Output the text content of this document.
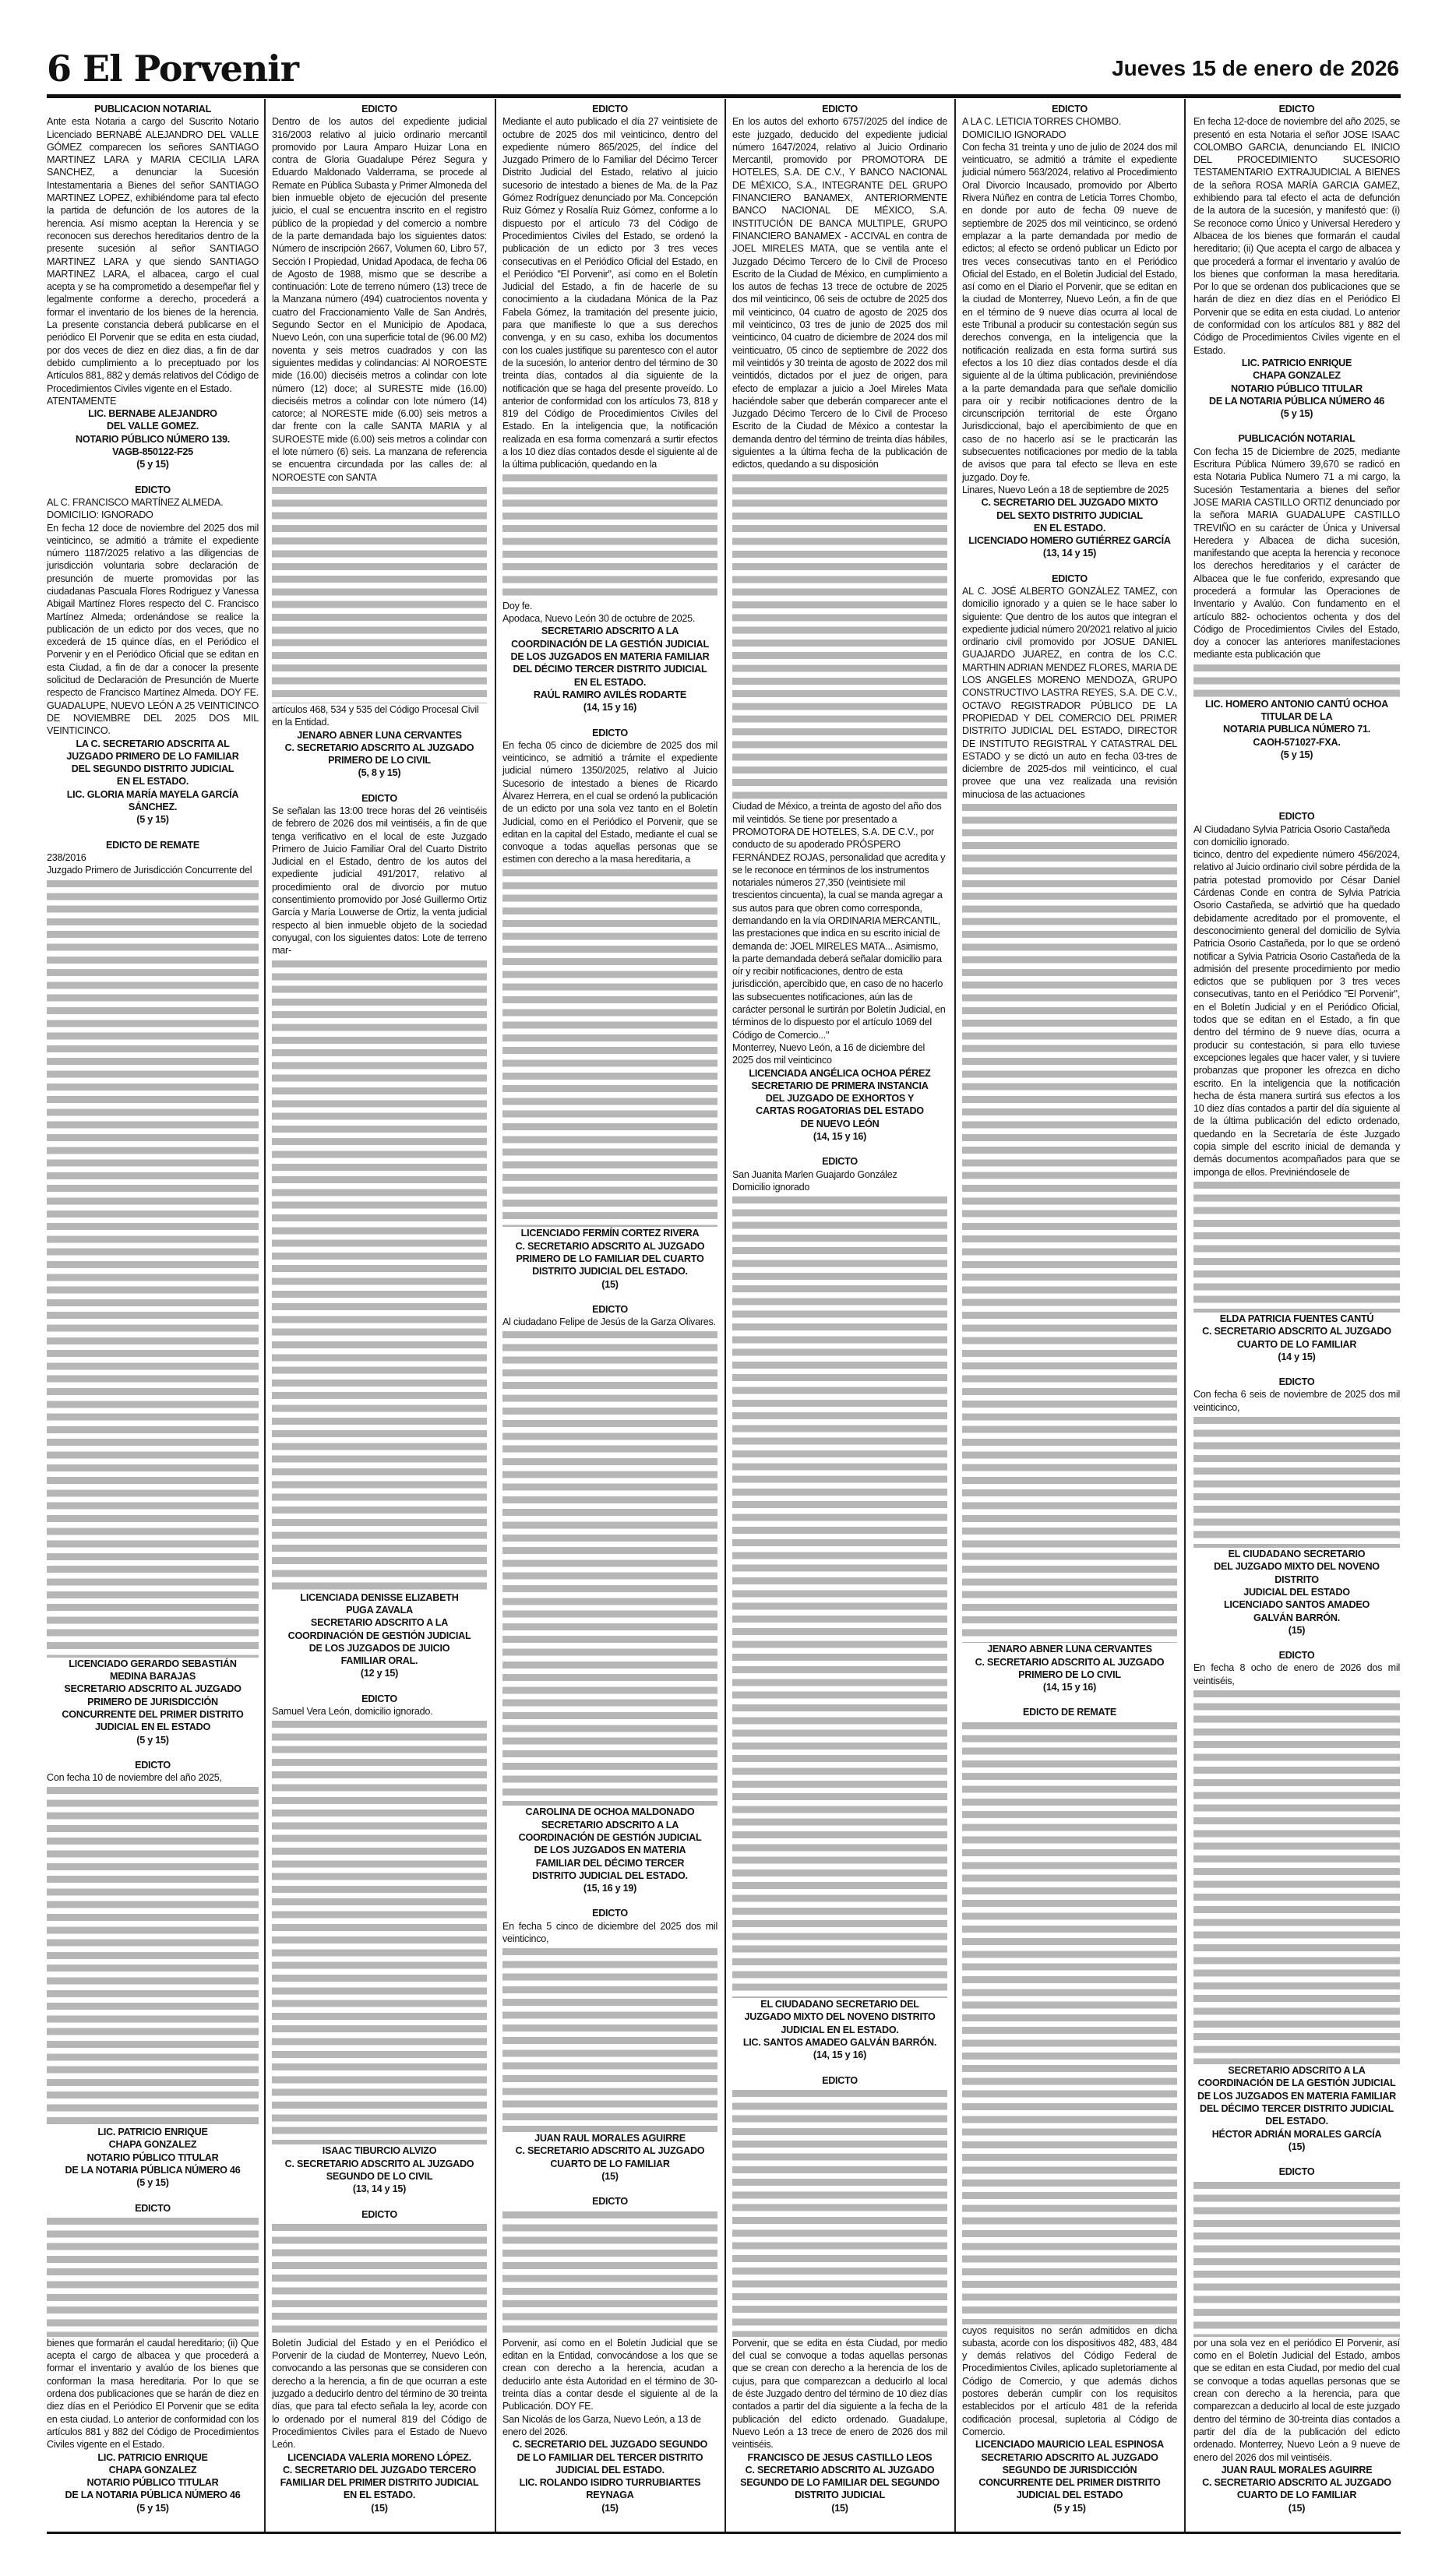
6 El Porvenir	Jueves 15 de enero de 2026
PUBLICACION NOTARIAL

Ante esta Notaria a cargo del Suscrito Notario Licenciado BERNABÉ ALEJANDRO DEL VALLE GÓMEZ comparecen los señores SANTIAGO MARTINEZ LARA y MARIA CECILIA LARA SANCHEZ, a denunciar la Sucesión Intestamentaria a Bienes del señor SANTIAGO MARTINEZ LOPEZ, exhibiéndome para tal efecto la partida de defunción de los autores de la herencia. Así mismo aceptan la Herencia y se reconocen sus derechos hereditarios dentro de la presente sucesión al señor SANTIAGO MARTINEZ LARA y que siendo SANTIAGO MARTINEZ LARA, el albacea, cargo el cual acepta y se ha comprometido a desempeñar fiel y legalmente conforme a derecho, procederá a formar el inventario de los bienes de la herencia. La presente constancia deberá publicarse en el periódico El Porvenir que se edita en esta ciudad, por dos veces de diez en diez dias, a fin de dar debido cumplimiento a lo preceptuado por los Artículos 881, 882 y demás relativos del Código de Procedimientos Civiles vigente en el Estado.

ATENTAMENTE
LIC. BERNABE ALEJANDRO
DEL VALLE GOMEZ.
NOTARIO PÚBLICO NÚMERO 139.
VAGB-850122-F25
(5 y 15)
EDICTO
AL C. FRANCISCO MARTÍNEZ ALMEDA.
DOMICILIO: IGNORADO

En fecha 12 doce de noviembre del 2025 dos mil veinticinco, se admitió a trámite el expediente número 1187/2025 relativo a las diligencias de jurisdicción voluntaria sobre declaración de presunción de muerte promovidas por las ciudadanas Pascuala Flores Rodriguez y Vanessa Abigail Martínez Flores respecto del C. Francisco Martínez Almeda; ordenándose se realice la publicación de un edicto por dos veces, que no excederá de 15 quince días, en el Periódico el Porvenir y en el Periódico Oficial que se editan en esta Ciudad, a fin de dar a conocer la presente solicitud de Declaración de Presunción de Muerte respecto de Francisco Martínez Almeda. DOY FE. GUADALUPE, NUEVO LEÓN A 25 VEINTICINCO DE NOVIEMBRE DEL 2025 DOS MIL VEINTICINCO.

LA C. SECRETARIO ADSCRITA AL
JUZGADO PRIMERO DE LO FAMILIAR
DEL SEGUNDO DISTRITO JUDICIAL
EN EL ESTADO.
LIC. GLORIA MARÍA MAYELA GARCÍA
SÁNCHEZ.
(5 y 15)
EDICTO DE REMATE
238/2016

Juzgado Primero de Jurisdicción Concurrente del

LICENCIADO GERARDO SEBASTIÁN
MEDINA BARAJAS
SECRETARIO ADSCRITO AL JUZGADO
PRIMERO DE JURISDICCIÓN
CONCURRENTE DEL PRIMER DISTRITO
JUDICIAL EN EL ESTADO
(5 y 15)
EDICTO

Con fecha 10 de noviembre del año 2025,

LIC. PATRICIO ENRIQUE
CHAPA GONZALEZ
NOTARIO PÚBLICO TITULAR
DE LA NOTARIA PÚBLICA NÚMERO 46
(5 y 15)
EDICTO

bienes que formarán el caudal hereditario; (ii) Que acepta el cargo de albacea y que procederá a formar el inventario y avalúo de los bienes que conforman la masa hereditaria. Por lo que se ordena dos publicaciones que se harán de diez en diez días en el Periódico El Porvenir que se edita en esta ciudad. Lo anterior de conformidad con los artículos 881 y 882 del Código de Procedimientos Civiles vigente en el Estado.

LIC. PATRICIO ENRIQUE
CHAPA GONZALEZ
NOTARIO PÚBLICO TITULAR
DE LA NOTARIA PÚBLICA NÚMERO 46
(5 y 15)
EDICTO

Dentro de los autos del expediente judicial 316/2003 relativo al juicio ordinario mercantil promovido por Laura Amparo Huizar Lona en contra de Gloria Guadalupe Pérez Segura y Eduardo Maldonado Valderrama, se procede al Remate en Pública Subasta y Primer Almoneda del bien inmueble objeto de ejecución del presente juicio, el cual se encuentra inscrito en el registro público de la propiedad y del comercio a nombre de la parte demandada bajo los siguientes datos: Número de inscripción 2667, Volumen 60, Libro 57, Sección I Propiedad, Unidad Apodaca, de fecha 06 de Agosto de 1988, mismo que se describe a continuación: Lote de terreno número (13) trece de la Manzana número (494) cuatrocientos noventa y cuatro del Fraccionamiento Valle de San Andrés, Segundo Sector en el Municipio de Apodaca, Nuevo León, con una superficie total de (96.00 M2) noventa y seis metros cuadrados y con las siguientes medidas y colindancias: Al NOROESTE mide (16.00) dieciséis metros a colindar con lote número (12) doce; al SURESTE mide (16.00) dieciséis metros a colindar con lote número (14) catorce; al NORESTE mide (6.00) seis metros a dar frente con la calle SANTA MARIA y al SUROESTE mide (6.00) seis metros a colindar con el lote número (6) seis. La manzana de referencia se encuentra circundada por las calles de: al NOROESTE con SANTA

artículos 468, 534 y 535 del Código Procesal Civil en la Entidad.
JENARO ABNER LUNA CERVANTES
C. SECRETARIO ADSCRITO AL JUZGADO
PRIMERO DE LO CIVIL
(5, 8 y 15)
EDICTO

Se señalan las 13:00 trece horas del 26 veintiséis de febrero de 2026 dos mil veintiséis, a fin de que tenga verificativo en el local de este Juzgado Primero de Juicio Familiar Oral del Cuarto Distrito Judicial en el Estado, dentro de los autos del expediente judicial 491/2017, relativo al procedimiento oral de divorcio por mutuo consentimiento promovido por José Guillermo Ortiz García y María Louwerse de Ortiz, la venta judicial respecto al bien inmueble objeto de la sociedad conyugal, con los siguientes datos: Lote de terreno mar-

LICENCIADA DENISSE ELIZABETH
PUGA ZAVALA
SECRETARIO ADSCRITO A LA
COORDINACIÓN DE GESTIÓN JUDICIAL
DE LOS JUZGADOS DE JUICIO
FAMILIAR ORAL.
(12 y 15)
EDICTO

Samuel Vera León, domicilio ignorado.

ISAAC TIBURCIO ALVIZO
C. SECRETARIO ADSCRITO AL JUZGADO
SEGUNDO DE LO CIVIL
(13, 14 y 15)
EDICTO

Boletín Judicial del Estado y en el Periódico el Porvenir de la ciudad de Monterrey, Nuevo León, convocando a las personas que se consideren con derecho a la herencia, a fin de que ocurran a este juzgado a deducirlo dentro del término de 30 treinta días, que para tal efecto señala la ley, acorde con lo ordenado por el numeral 819 del Código de Procedimientos Civiles para el Estado de Nuevo León.

LICENCIADA VALERIA MORENO LÓPEZ.
C. SECRETARIO DEL JUZGADO TERCERO
FAMILIAR DEL PRIMER DISTRITO JUDICIAL
EN EL ESTADO.
(15)
EDICTO

Mediante el auto publicado el día 27 veintisiete de octubre de 2025 dos mil veinticinco, dentro del expediente número 865/2025, del índice del Juzgado Primero de lo Familiar del Décimo Tercer Distrito Judicial del Estado, relativo al juicio sucesorio de intestado a bienes de Ma. de la Paz Gómez Rodríguez denunciado por Ma. Concepción Ruiz Gómez y Rosalía Ruiz Gómez, conforme a lo dispuesto por el artículo 73 del Código de Procedimientos Civiles del Estado, se ordenó la publicación de un edicto por 3 tres veces consecutivas en el Periódico Oficial del Estado, en el Periódico "El Porvenir", así como en el Boletín Judicial del Estado, a fin de hacerle de su conocimiento a la ciudadana Mónica de la Paz Fabela Gómez, la tramitación del presente juicio, para que manifieste lo que a sus derechos convenga, y en su caso, exhiba los documentos con los cuales justifique su parentesco con el autor de la sucesión, lo anterior dentro del término de 30 treinta días, contados al día siguiente de la notificación que se haga del presente proveído. Lo anterior de conformidad con los artículos 73, 818 y 819 del Código de Procedimientos Civiles del Estado. En la inteligencia que, la notificación realizada en esa forma comenzará a surtir efectos a los 10 diez días contados desde el siguiente al de la última publicación, quedando en la

Doy fe.
Apodaca, Nuevo León 30 de octubre de 2025.
SECRETARIO ADSCRITO A LA
COORDINACIÓN DE LA GESTIÓN JUDICIAL
DE LOS JUZGADOS EN MATERIA FAMILIAR
DEL DÉCIMO TERCER DISTRITO JUDICIAL
EN EL ESTADO.
RAÚL RAMIRO AVILÉS RODARTE
(14, 15 y 16)
EDICTO

En fecha 05 cinco de diciembre de 2025 dos mil veinticinco, se admitió a trámite el expediente judicial número 1350/2025, relativo al Juicio Sucesorio de intestado a bienes de Ricardo Álvarez Herrera, en el cual se ordenó la publicación de un edicto por una sola vez tanto en el Boletín Judicial, como en el Periódico el Porvenir, que se editan en la capital del Estado, mediante el cual se convoque a todas aquellas personas que se estimen con derecho a la masa hereditaria, a

LICENCIADO FERMÍN CORTEZ RIVERA
C. SECRETARIO ADSCRITO AL JUZGADO
PRIMERO DE LO FAMILIAR DEL CUARTO
DISTRITO JUDICIAL DEL ESTADO.
(15)
EDICTO

Al ciudadano Felipe de Jesús de la Garza Olivares.

CAROLINA DE OCHOA MALDONADO
SECRETARIO ADSCRITO A LA
COORDINACIÓN DE GESTIÓN JUDICIAL
DE LOS JUZGADOS EN MATERIA
FAMILIAR DEL DÉCIMO TERCER
DISTRITO JUDICIAL DEL ESTADO.
(15, 16 y 19)
EDICTO

En fecha 5 cinco de diciembre del 2025 dos mil veinticinco,

JUAN RAUL MORALES AGUIRRE
C. SECRETARIO ADSCRITO AL JUZGADO
CUARTO DE LO FAMILIAR
(15)
EDICTO

Porvenir, así como en el Boletín Judicial que se editan en la Entidad, convocándose a los que se crean con derecho a la herencia, acudan a deducirlo ante ésta Autoridad en el término de 30-treinta días a contar desde el siguiente al de la Publicación. DOY FE.

San Nicolás de los Garza, Nuevo León, a 13 de enero del 2026.
C. SECRETARIO DEL JUZGADO SEGUNDO
DE LO FAMILIAR DEL TERCER DISTRITO
JUDICIAL DEL ESTADO.
LIC. ROLANDO ISIDRO TURRUBIARTES
REYNAGA
(15)
EDICTO

En los autos del exhorto 6757/2025 del índice de este juzgado, deducido del expediente judicial número 1647/2024, relativo al Juicio Ordinario Mercantil, promovido por PROMOTORA DE HOTELES, S.A. DE C.V., Y BANCO NACIONAL DE MÉXICO, S.A., INTEGRANTE DEL GRUPO FINANCIERO BANAMEX, ANTERIORMENTE BANCO NACIONAL DE MÉXICO, S.A. INSTITUCIÓN DE BANCA MULTIPLE, GRUPO FINANCIERO BANAMEX - ACCIVAL en contra de JOEL MIRELES MATA, que se ventila ante el Juzgado Décimo Tercero de lo Civil de Proceso Escrito de la Ciudad de México, en cumplimiento a los autos de fechas 13 trece de octubre de 2025 dos mil veinticinco, 06 seis de octubre de 2025 dos mil veinticinco, 04 cuatro de agosto de 2025 dos mil veinticinco, 03 tres de junio de 2025 dos mil veinticinco, 04 cuatro de diciembre de 2024 dos mil veinticuatro, 05 cinco de septiembre de 2022 dos mil veintidós y 30 treinta de agosto de 2022 dos mil veintidós, dictados por el juez de origen, para efecto de emplazar a juicio a Joel Mireles Mata haciéndole saber que deberán comparecer ante el Juzgado Décimo Tercero de lo Civil de Proceso Escrito de la Ciudad de México a contestar la demanda dentro del término de treinta días hábiles, siguientes a la última fecha de la publicación de edictos, quedando a su disposición

Ciudad de México, a treinta de agosto del año dos mil veintidós. Se tiene por presentado a PROMOTORA DE HOTELES, S.A. DE C.V., por conducto de su apoderado PRÓSPERO FERNÁNDEZ ROJAS, personalidad que acredita y se le reconoce en términos de los instrumentos notariales números 27,350 (veintisiete mil trescientos cincuenta), la cual se manda agregar a sus autos para que obren como corresponda, demandando en la vía ORDINARIA MERCANTIL, las prestaciones que indica en su escrito inicial de demanda de: JOEL MIRELES MATA... Asimismo, la parte demandada deberá señalar domicilio para oír y recibir notificaciones, dentro de esta jurisdicción, apercibido que, en caso de no hacerlo las subsecuentes notificaciones, aún las de carácter personal le surtirán por Boletín Judicial, en términos de lo dispuesto por el artículo 1069 del Código de Comercio..."
Monterrey, Nuevo León, a 16 de diciembre del 2025 dos mil veinticinco
LICENCIADA ANGÉLICA OCHOA PÉREZ
SECRETARIO DE PRIMERA INSTANCIA
DEL JUZGADO DE EXHORTOS Y
CARTAS ROGATORIAS DEL ESTADO
DE NUEVO LEÓN
(14, 15 y 16)
EDICTO

San Juanita Marlen Guajardo González

Domicilio ignorado

EL CIUDADANO SECRETARIO DEL
JUZGADO MIXTO DEL NOVENO DISTRITO
JUDICIAL EN EL ESTADO.
LIC. SANTOS AMADEO GALVÁN BARRÓN.
(14, 15 y 16)
EDICTO

Porvenir, que se edita en ésta Ciudad, por medio del cual se convoque a todas aquellas personas que se crean con derecho a la herencia de los de cujus, para que comparezcan a deducirlo al local de éste Juzgado dentro del término de 10 diez días contados a partir del día siguiente a la fecha de la publicación del edicto ordenado. Guadalupe, Nuevo León a 13 trece de enero de 2026 dos mil veintiséis.

FRANCISCO DE JESUS CASTILLO LEOS
C. SECRETARIO ADSCRITO AL JUZGADO
SEGUNDO DE LO FAMILIAR DEL SEGUNDO
DISTRITO JUDICIAL
(15)
EDICTO
A LA C. LETICIA TORRES CHOMBO.
DOMICILIO IGNORADO

Con fecha 31 treinta y uno de julio de 2024 dos mil veinticuatro, se admitió a trámite el expediente judicial número 563/2024, relativo al Procedimiento Oral Divorcio Incausado, promovido por Alberto Rivera Núñez en contra de Leticia Torres Chombo, en donde por auto de fecha 09 nueve de septiembre de 2025 dos mil veinticinco, se ordenó emplazar a la parte demandada por medio de edictos; al efecto se ordenó publicar un Edicto por tres veces consecutivas tanto en el Periódico Oficial del Estado, en el Boletín Judicial del Estado, así como en el Diario el Porvenir, que se editan en la ciudad de Monterrey, Nuevo León, a fin de que en el término de 9 nueve días ocurra al local de este Tribunal a producir su contestación según sus derechos convenga, en la inteligencia que la notificación realizada en esta forma surtirá sus efectos a los 10 diez días contados desde el día siguiente al de la última publicación, previniéndose a la parte demandada para que señale domicilio para oír y recibir notificaciones dentro de la circunscripción territorial de este Órgano Jurisdiccional, bajo el apercibimiento de que en caso de no hacerlo así se le practicarán las subsecuentes notificaciones por medio de la tabla de avisos que para tal efecto se lleva en este juzgado. Doy fe.

Linares, Nuevo León a 18 de septiembre de 2025
C. SECRETARIO DEL JUZGADO MIXTO
DEL SEXTO DISTRITO JUDICIAL
EN EL ESTADO.
LICENCIADO HOMERO GUTIÉRREZ GARCÍA
(13, 14 y 15)
EDICTO

AL C. JOSÉ ALBERTO GONZÁLEZ TAMEZ, con domicilio ignorado y a quien se le hace saber lo siguiente: Que dentro de los autos que integran el expediente judicial número 20/2021 relativo al juicio ordinario civil promovido por JOSUE DANIEL GUAJARDO JUAREZ, en contra de los C.C. MARTHIN ADRIAN MENDEZ FLORES, MARIA DE LOS ANGELES MORENO MENDOZA, GRUPO CONSTRUCTIVO LASTRA REYES, S.A. DE C.V., OCTAVO REGISTRADOR PÚBLICO DE LA PROPIEDAD Y DEL COMERCIO DEL PRIMER DISTRITO JUDICIAL DEL ESTADO, DIRECTOR DE INSTITUTO REGISTRAL Y CATASTRAL DEL ESTADO y se dictó un auto en fecha 03-tres de diciembre de 2025-dos mil veinticinco, el cual provee que una vez realizada una revisión minuciosa de las actuaciones

JENARO ABNER LUNA CERVANTES
C. SECRETARIO ADSCRITO AL JUZGADO
PRIMERO DE LO CIVIL
(14, 15 y 16)
EDICTO DE REMATE

cuyos requisitos no serán admitidos en dicha subasta, acorde con los dispositivos 482, 483, 484 y demás relativos del Código Federal de Procedimientos Civiles, aplicado supletoriamente al Código de Comercio, y que además dichos postores deberán cumplir con los requisitos establecidos por el artículo 481 de la referida codificación procesal, supletoria al Código de Comercio.

LICENCIADO MAURICIO LEAL ESPINOSA
SECRETARIO ADSCRITO AL JUZGADO
SEGUNDO DE JURISDICCIÓN
CONCURRENTE DEL PRIMER DISTRITO
JUDICIAL DEL ESTADO
(5 y 15)
EDICTO

En fecha 12-doce de noviembre del año 2025, se presentó en esta Notaria el señor JOSE ISAAC COLOMBO GARCIA, denunciando EL INICIO DEL PROCEDIMIENTO SUCESORIO TESTAMENTARIO EXTRAJUDICIAL A BIENES de la señora ROSA MARÍA GARCIA GAMEZ, exhibiendo para tal efecto el acta de defunción de la autora de la sucesión, y manifestó que: (i) Se reconoce como Único y Universal Heredero y Albacea de los bienes que formarán el caudal hereditario; (ii) Que acepta el cargo de albacea y que procederá a formar el inventario y avalúo de los bienes que conforman la masa hereditaria. Por lo que se ordenan dos publicaciones que se harán de diez en diez días en el Periódico El Porvenir que se edita en esta ciudad. Lo anterior de conformidad con los artículos 881 y 882 del Código de Procedimientos Civiles vigente en el Estado.

LIC. PATRICIO ENRIQUE
CHAPA GONZALEZ
NOTARIO PÚBLICO TITULAR
DE LA NOTARIA PÚBLICA NÚMERO 46
(5 y 15)
PUBLICACIÓN NOTARIAL

Con fecha 15 de Diciembre de 2025, mediante Escritura Pública Número 39,670 se radicó en esta Notaria Publica Numero 71 a mi cargo, la Sucesión Testamentaria a bienes del señor JOSE MARIA CASTILLO ORTIZ denunciado por la señora MARIA GUADALUPE CASTILLO TREVIÑO en su carácter de Única y Universal Heredera y Albacea de dicha sucesión, manifestando que acepta la herencia y reconoce los derechos hereditarios y el carácter de Albacea que le fue conferido, expresando que procederá a formular las Operaciones de Inventario y Avalúo. Con fundamento en el artículo 882- ochocientos ochenta y dos del Código de Procedimientos Civiles del Estado, doy a conocer las anteriores manifestaciones mediante esta publicación que

LIC. HOMERO ANTONIO CANTÚ OCHOA
TITULAR DE LA
NOTARIA PUBLICA NÚMERO 71.
CAOH-571027-FXA.
(5 y 15)
EDICTO
Al Ciudadano Sylvia Patricia Osorio Castañeda con domicilio ignorado.

ticinco, dentro del expediente número 456/2024, relativo al Juicio ordinario civil sobre pérdida de la patria potestad promovido por César Daniel Cárdenas Conde en contra de Sylvia Patricia Osorio Castañeda, se advirtió que ha quedado debidamente acreditado por el promovente, el desconocimiento general del domicilio de Sylvia Patricia Osorio Castañeda, por lo que se ordenó notificar a Sylvia Patricia Osorio Castañeda de la admisión del presente procedimiento por medio edictos que se publiquen por 3 tres veces consecutivas, tanto en el Periódico "El Porvenir", en el Boletín Judicial y en el Periódico Oficial, todos que se editan en el Estado, a fin que dentro del término de 9 nueve días, ocurra a producir su contestación, si para ello tuviese excepciones legales que hacer valer, y si tuviere probanzas que proponer les ofrezca en dicho escrito. En la inteligencia que la notificación hecha de ésta manera surtirá sus efectos a los 10 diez días contados a partir del día siguiente al de la última publicación del edicto ordenado, quedando en la Secretaría de éste Juzgado copia simple del escrito inicial de demanda y demás documentos acompañados para que se imponga de ellos. Previniéndosele de

ELDA PATRICIA FUENTES CANTÚ
C. SECRETARIO ADSCRITO AL JUZGADO
CUARTO DE LO FAMILIAR
(14 y 15)
EDICTO

Con fecha 6 seis de noviembre de 2025 dos mil veinticinco,

EL CIUDADANO SECRETARIO
DEL JUZGADO MIXTO DEL NOVENO DISTRITO
JUDICIAL DEL ESTADO
LICENCIADO SANTOS AMADEO
GALVÁN BARRÓN.
(15)
EDICTO

En fecha 8 ocho de enero de 2026 dos mil veintiséis,

SECRETARIO ADSCRITO A LA
COORDINACIÓN DE LA GESTIÓN JUDICIAL
DE LOS JUZGADOS EN MATERIA FAMILIAR
DEL DÉCIMO TERCER DISTRITO JUDICIAL
DEL ESTADO.
HÉCTOR ADRIÁN MORALES GARCÍA
(15)
EDICTO

por una sola vez en el periódico El Porvenir, así como en el Boletín Judicial del Estado, ambos que se editan en esta Ciudad, por medio del cual se convoque a todas aquellas personas que se crean con derecho a la herencia, para que comparezcan a deducirlo al local de este juzgado dentro del término de 30-treinta días contados a partir del día de la publicación del edicto ordenado. Monterrey, Nuevo León a 9 nueve de enero del 2026 dos mil veintiséis.

JUAN RAUL MORALES AGUIRRE
C. SECRETARIO ADSCRITO AL JUZGADO
CUARTO DE LO FAMILIAR
(15)
